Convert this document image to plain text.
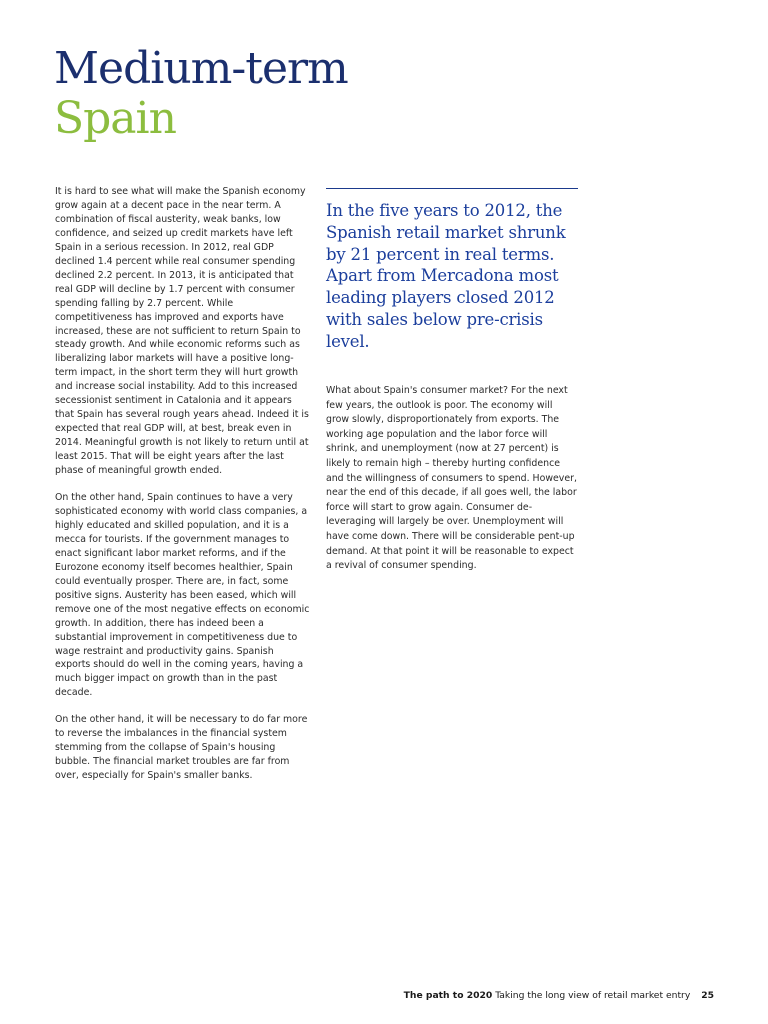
Medium-term
Spain

It is hard to see what will make the Spanish economy grow again at a decent pace in the near term. A combination of fiscal austerity, weak banks, low confidence, and seized up credit markets have left Spain in a serious recession. In 2012, real GDP declined 1.4 percent while real consumer spending declined 2.2 percent. In 2013, it is anticipated that real GDP will decline by 1.7 percent with consumer spending falling by 2.7 percent. While competitiveness has improved and exports have increased, these are not sufficient to return Spain to steady growth. And while economic reforms such as liberalizing labor markets will have a positive long-term impact, in the short term they will hurt growth and increase social instability. Add to this increased secessionist sentiment in Catalonia and it appears that Spain has several rough years ahead. Indeed it is expected that real GDP will, at best, break even in 2014. Meaningful growth is not likely to return until at least 2015. That will be eight years after the last phase of meaningful growth ended.

On the other hand, Spain continues to have a very sophisticated economy with world class companies, a highly educated and skilled population, and it is a mecca for tourists. If the government manages to enact significant labor market reforms, and if the Eurozone economy itself becomes healthier, Spain could eventually prosper. There are, in fact, some positive signs. Austerity has been eased, which will remove one of the most negative effects on economic growth. In addition, there has indeed been a substantial improvement in competitiveness due to wage restraint and productivity gains. Spanish exports should do well in the coming years, having a much bigger impact on growth than in the past decade.

On the other hand, it will be necessary to do far more to reverse the imbalances in the financial system stemming from the collapse of Spain's housing bubble. The financial market troubles are far from over, especially for Spain's smaller banks.

In the five years to 2012, the Spanish retail market shrunk by 21 percent in real terms. Apart from Mercadona most leading players closed 2012 with sales below pre-crisis level.

What about Spain's consumer market? For the next few years, the outlook is poor. The economy will grow slowly, disproportionately from exports. The working age population and the labor force will shrink, and unemployment (now at 27 percent) is likely to remain high – thereby hurting confidence and the willingness of consumers to spend. However, near the end of this decade, if all goes well, the labor force will start to grow again. Consumer de-leveraging will largely be over. Unemployment will have come down. There will be considerable pent-up demand. At that point it will be reasonable to expect a revival of consumer spending.

The path to 2020 Taking the long view of retail market entry 25
